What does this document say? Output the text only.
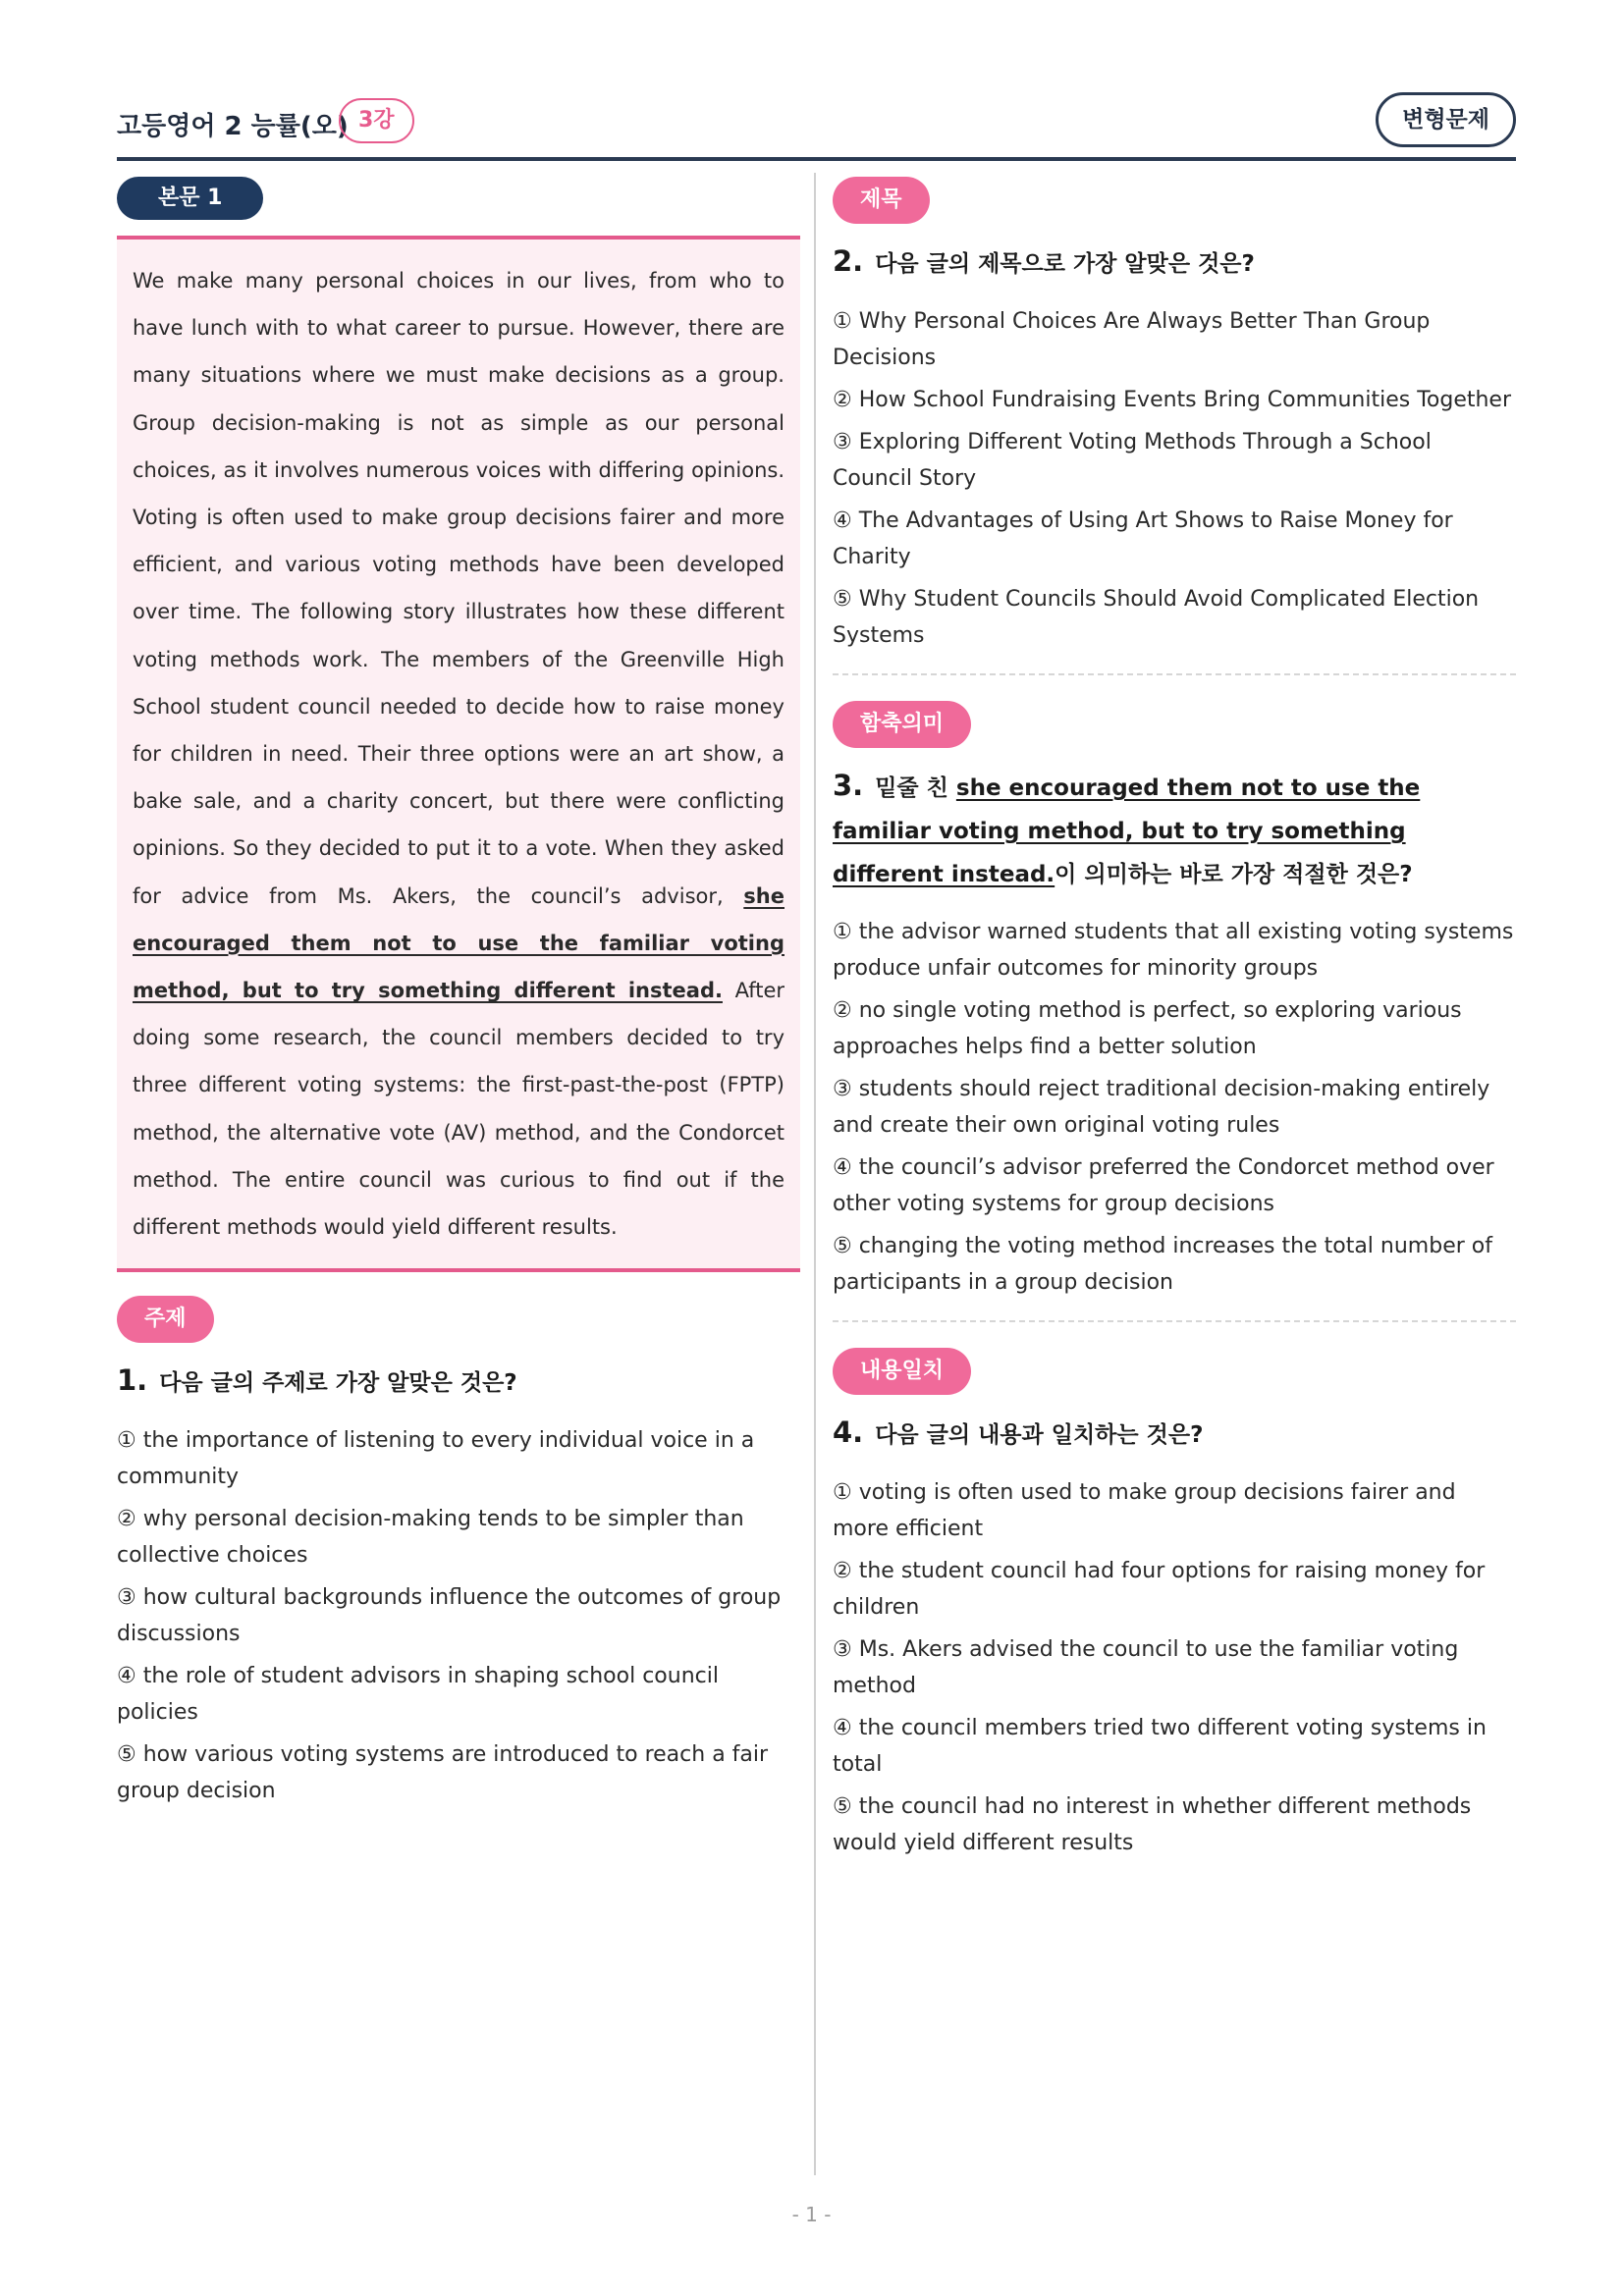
고등영어 2 능률(오) 3강	변형문제
본문 1
We make many personal choices in our lives, from who to have lunch with to what career to pursue. However, there are many situations where we must make decisions as a group. Group decision-making is not as simple as our personal choices, as it involves numerous voices with differing opinions. Voting is often used to make group decisions fairer and more efficient, and various voting methods have been developed over time. The following story illustrates how these different voting methods work. The members of the Greenville High School student council needed to decide how to raise money for children in need. Their three options were an art show, a bake sale, and a charity concert, but there were conflicting opinions. So they decided to put it to a vote. When they asked for advice from Ms. Akers, the council’s advisor, she encouraged them not to use the familiar voting method, but to try something different instead. After doing some research, the council members decided to try three different voting systems: the first-past-the-post (FPTP) method, the alternative vote (AV) method, and the Condorcet method. The entire council was curious to find out if the different methods would yield different results.
주제
1. 다음 글의 주제로 가장 알맞은 것은?
① the importance of listening to every individual voice in a community
② why personal decision-making tends to be simpler than collective choices
③ how cultural backgrounds influence the outcomes of group discussions
④ the role of student advisors in shaping school council policies
⑤ how various voting systems are introduced to reach a fair group decision
제목
2. 다음 글의 제목으로 가장 알맞은 것은?
① Why Personal Choices Are Always Better Than Group Decisions
② How School Fundraising Events Bring Communities Together
③ Exploring Different Voting Methods Through a School Council Story
④ The Advantages of Using Art Shows to Raise Money for Charity
⑤ Why Student Councils Should Avoid Complicated Election Systems
함축의미
3. 밑줄 친 she encouraged them not to use the familiar voting method, but to try something different instead.이 의미하는 바로 가장 적절한 것은?
① the advisor warned students that all existing voting systems produce unfair outcomes for minority groups
② no single voting method is perfect, so exploring various approaches helps find a better solution
③ students should reject traditional decision-making entirely and create their own original voting rules
④ the council’s advisor preferred the Condorcet method over other voting systems for group decisions
⑤ changing the voting method increases the total number of participants in a group decision
내용일치
4. 다음 글의 내용과 일치하는 것은?
① voting is often used to make group decisions fairer and more efficient
② the student council had four options for raising money for children
③ Ms. Akers advised the council to use the familiar voting method
④ the council members tried two different voting systems in total
⑤ the council had no interest in whether different methods would yield different results
- 1 -
